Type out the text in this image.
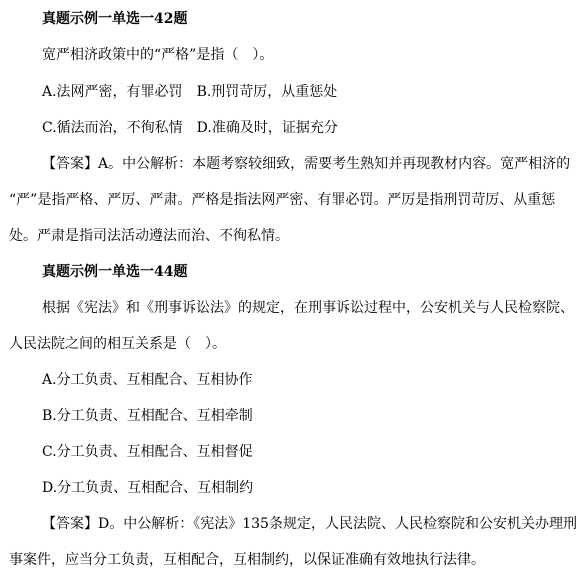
真题示例一单选一42题
宽严相济政策中的“严格”是指（　）。
A.法网严密，有罪必罚 B.刑罚苛厉，从重惩处
C.循法而治，不徇私情 D.准确及时，证据充分
【答案】A。中公解析：本题考察较细致，需要考生熟知并再现教材内容。宽严相济的
“严”是指严格、严厉、严肃。严格是指法网严密、有罪必罚。严厉是指刑罚苛厉、从重惩
处。严肃是指司法活动遵法而治、不徇私情。
真题示例一单选一44题
根据《宪法》和《刑事诉讼法》的规定，在刑事诉讼过程中，公安机关与人民检察院、
人民法院之间的相互关系是（　）。
A.分工负责、互相配合、互相协作
B.分工负责、互相配合、互相牵制
C.分工负责、互相配合、互相督促
D.分工负责、互相配合、互相制约
【答案】D。中公解析：《宪法》135条规定，人民法院、人民检察院和公安机关办理刑
事案件，应当分工负责，互相配合，互相制约，以保证准确有效地执行法律。
